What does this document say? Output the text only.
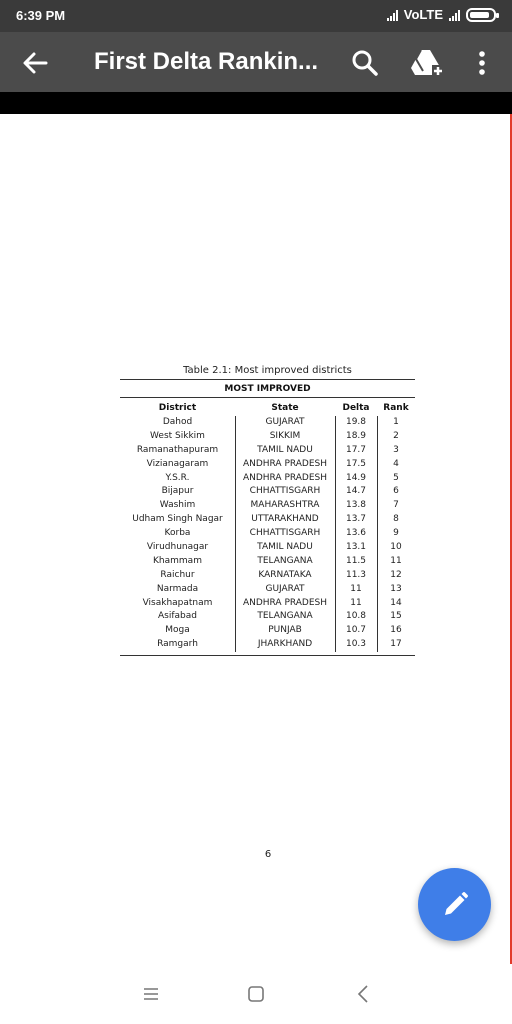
6:39 PM	VoLTE
First Delta Rankin...
Table 2.1: Most improved districts
MOST IMPROVED
District	State	Delta	Rank
Dahod	GUJARAT	19.8	1
West Sikkim	SIKKIM	18.9	2
Ramanathapuram	TAMIL NADU	17.7	3
Vizianagaram	ANDHRA PRADESH	17.5	4
Y.S.R.	ANDHRA PRADESH	14.9	5
Bijapur	CHHATTISGARH	14.7	6
Washim	MAHARASHTRA	13.8	7
Udham Singh Nagar	UTTARAKHAND	13.7	8
Korba	CHHATTISGARH	13.6	9
Virudhunagar	TAMIL NADU	13.1	10
Khammam	TELANGANA	11.5	11
Raichur	KARNATAKA	11.3	12
Narmada	GUJARAT	11	13
Visakhapatnam	ANDHRA PRADESH	11	14
Asifabad	TELANGANA	10.8	15
Moga	PUNJAB	10.7	16
Ramgarh	JHARKHAND	10.3	17
6
